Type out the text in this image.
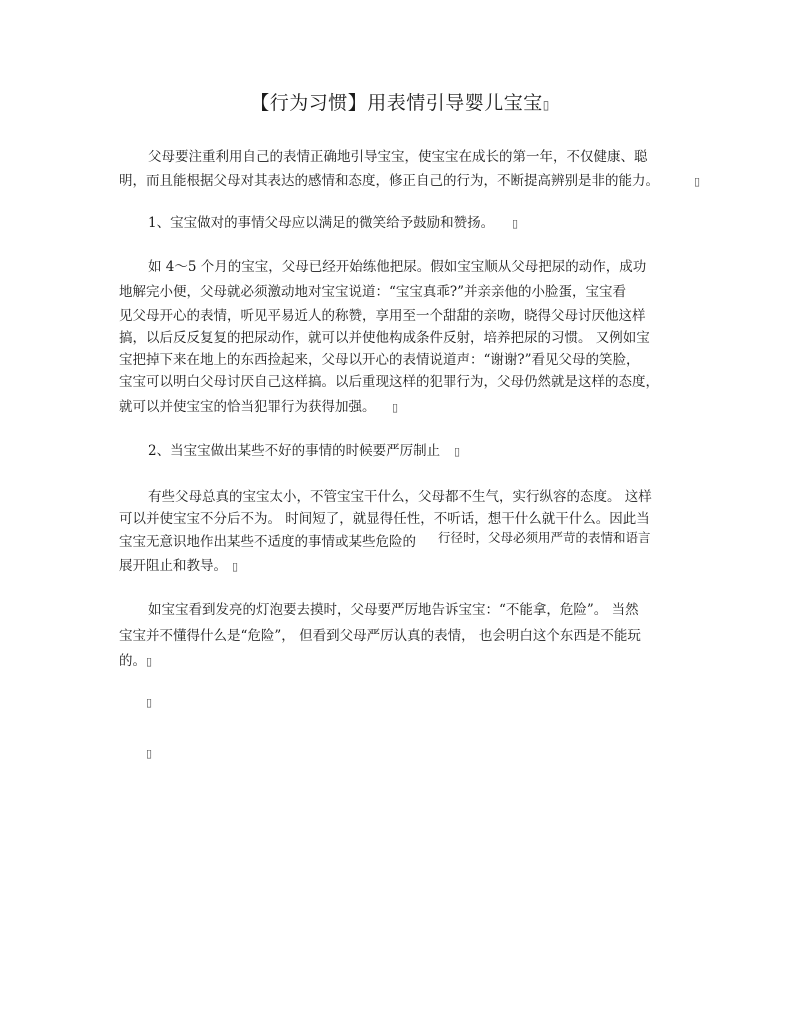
【行为习惯】用表情引导婴儿宝宝▯
父母要注重利用自己的表情正确地引导宝宝，使宝宝在成长的第一年，不仅健康、聪
明，而且能根据父母对其表达的感情和态度，修正自己的行为，不断提高辨别是非的能力。	▯
1、宝宝做对的事情父母应以满足的微笑给予鼓励和赞扬。 ▯
如 4～5 个月的宝宝，父母已经开始练他把尿。假如宝宝顺从父母把尿的动作，成功
地解完小便，父母就必须激动地对宝宝说道：“宝宝真乖?”并亲亲他的小脸蛋，宝宝看
见父母开心的表情，听见平易近人的称赞，享用至一个甜甜的亲吻，晓得父母讨厌他这样
搞，以后反反复复的把尿动作，就可以并使他构成条件反射，培养把尿的习惯。 又例如宝
宝把掉下来在地上的东西捡起来，父母以开心的表情说道声：“谢谢?”看见父母的笑脸，
宝宝可以明白父母讨厌自己这样搞。以后重现这样的犯罪行为，父母仍然就是这样的态度，
就可以并使宝宝的恰当犯罪行为获得加强。 ▯
2、当宝宝做出某些不好的事情的时候要严厉制止 ▯
有些父母总真的宝宝太小，不管宝宝干什么，父母都不生气，实行纵容的态度。 这样
可以并使宝宝不分后不为。 时间短了，就显得任性，不听话，想干什么就干什么。因此当
宝宝无意识地作出某些不适度的事情或某些危险的 行径时，父母必须用严苛的表情和语言
展开阻止和教导。 ▯
如宝宝看到发亮的灯泡要去摸时，父母要严厉地告诉宝宝：“不能拿，危险”。 当然
宝宝并不懂得什么是“危险”， 但看到父母严厉认真的表情， 也会明白这个东西是不能玩
的。 ▯
▯
▯
